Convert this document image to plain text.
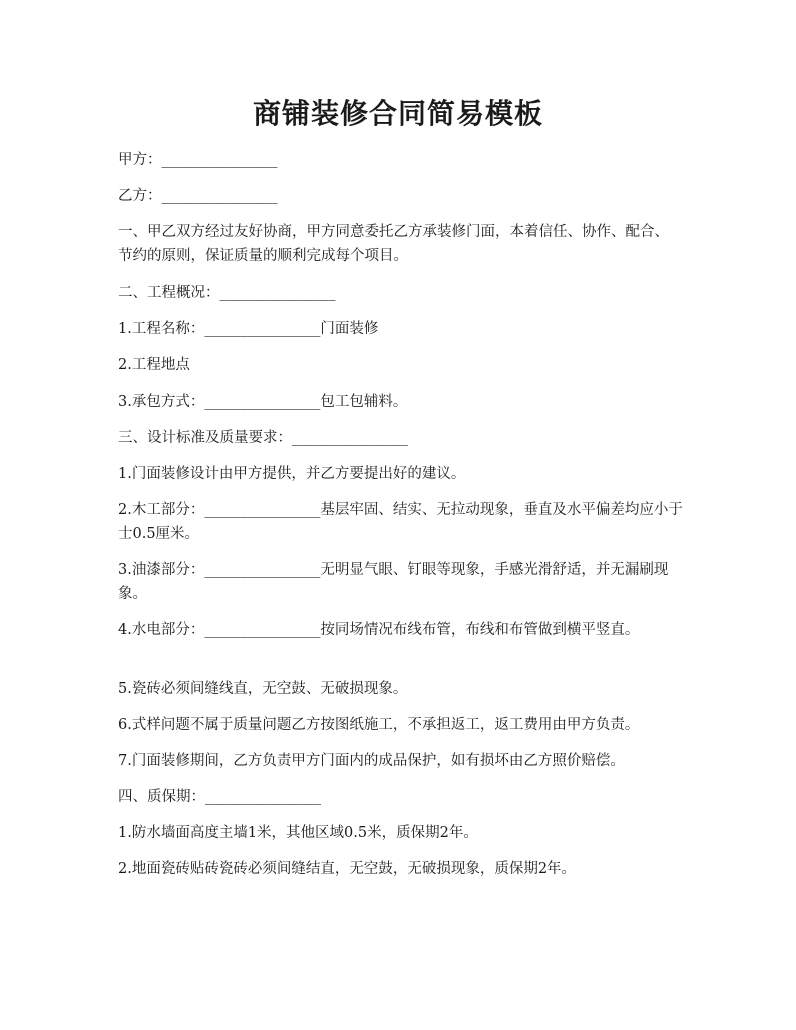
商铺装修合同简易模板
甲方：________________
乙方：________________
一、甲乙双方经过友好协商，甲方同意委托乙方承装修门面，本着信任、协作、配合、节约的原则，保证质量的顺利完成每个项目。
二、工程概况：________________
1.工程名称：________________门面装修
2.工程地点
3.承包方式：________________包工包辅料。
三、设计标准及质量要求：________________
1.门面装修设计由甲方提供，并乙方要提出好的建议。
2.木工部分：________________基层牢固、结实、无拉动现象，垂直及水平偏差均应小于士0.5厘米。
3.油漆部分：________________无明显气眼、钉眼等现象，手感光滑舒适，并无漏刷现象。
4.水电部分：________________按同场情况布线布管，布线和布管做到横平竖直。
5.瓷砖必须间缝线直，无空鼓、无破损现象。
6.式样问题不属于质量问题乙方按图纸施工，不承担返工，返工费用由甲方负责。
7.门面装修期间，乙方负责甲方门面内的成品保护，如有损坏由乙方照价赔偿。
四、质保期：________________
1.防水墙面高度主墙1米，其他区域0.5米，质保期2年。
2.地面瓷砖贴砖瓷砖必须间缝结直，无空鼓，无破损现象，质保期2年。
